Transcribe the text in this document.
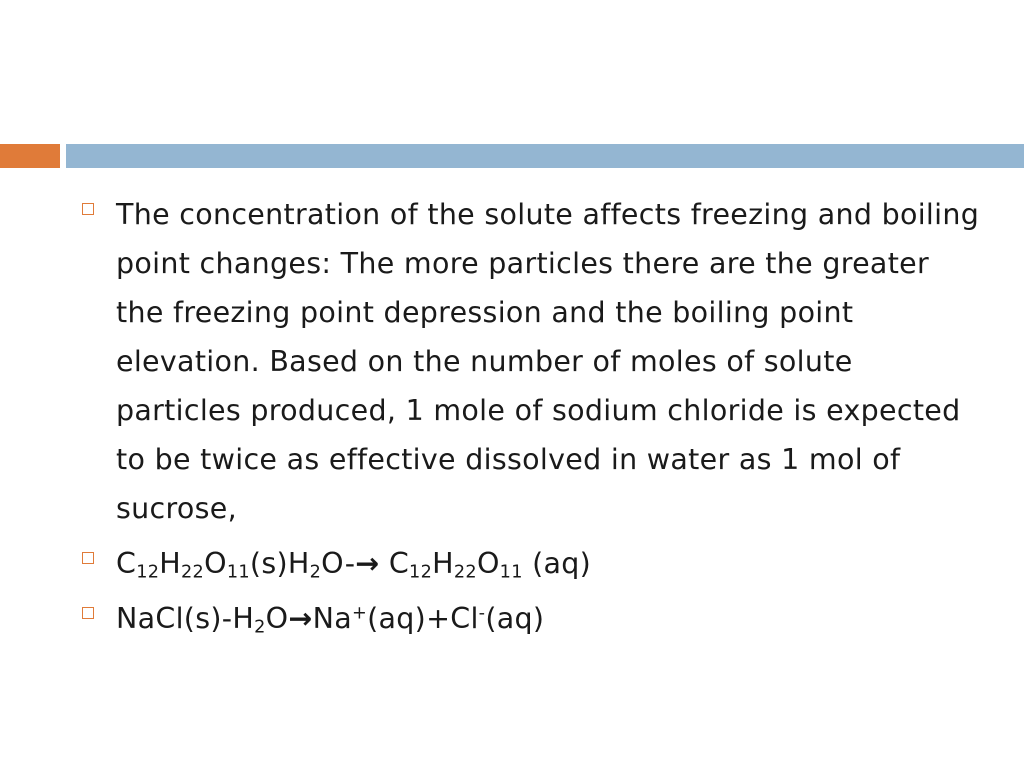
The concentration of the solute affects freezing and boiling point changes: The more particles there are the greater the freezing point depression and the boiling point elevation. Based on the number of moles of solute particles produced, 1 mole of sodium chloride is expected to be twice as effective dissolved in water as 1 mol of sucrose,
$C_{12}H_{22}O_{11}(s)H_2O-\to C_{12}H_{22}O_{11}$ (aq)
$NaCl(s)-H_2O\to Na^+(aq)+Cl^-(aq)$
